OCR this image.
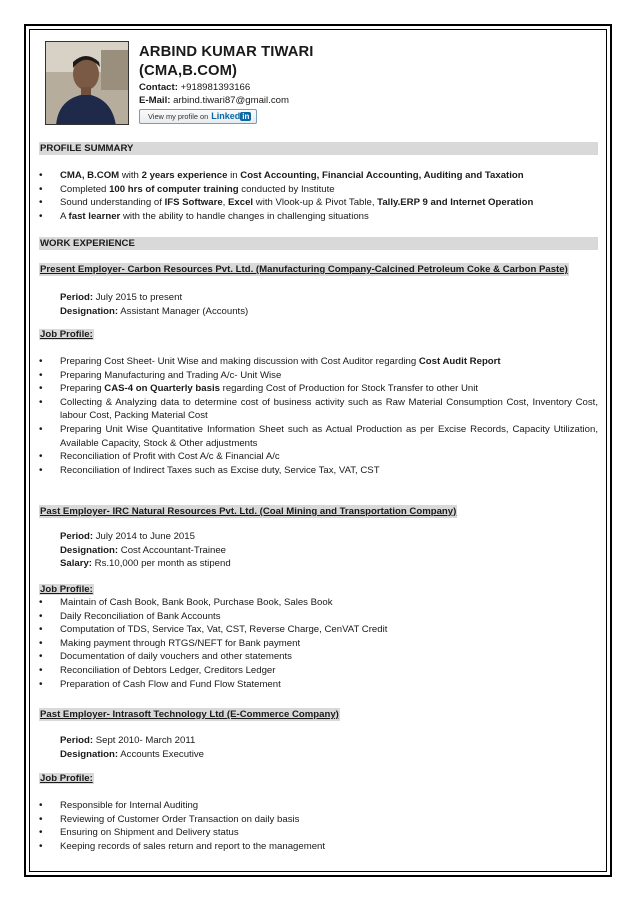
ARBIND KUMAR TIWARI
(CMA,B.COM)
Contact: +918981393166
E-Mail: arbind.tiwari87@gmail.com
View my profile on Linked in
PROFILE SUMMARY
• CMA, B.COM with 2 years experience in Cost Accounting, Financial Accounting, Auditing and Taxation
• Completed 100 hrs of computer training conducted by Institute
• Sound understanding of IFS Software, Excel with Vlook-up & Pivot Table, Tally.ERP 9 and Internet Operation
• A fast learner with the ability to handle changes in challenging situations
WORK EXPERIENCE
Present Employer- Carbon Resources Pvt. Ltd. (Manufacturing Company-Calcined Petroleum Coke & Carbon Paste)
Period: July 2015 to present
Designation: Assistant Manager (Accounts)
Job Profile:
• Preparing Cost Sheet- Unit Wise and making discussion with Cost Auditor regarding Cost Audit Report
• Preparing Manufacturing and Trading A/c- Unit Wise
• Preparing CAS-4 on Quarterly basis regarding Cost of Production for Stock Transfer to other Unit
• Collecting & Analyzing data to determine cost of business activity such as Raw Material Consumption Cost, Inventory Cost, labour Cost, Packing Material Cost
• Preparing Unit Wise Quantitative Information Sheet such as Actual Production as per Excise Records, Capacity Utilization, Available Capacity, Stock & Other adjustments
• Reconciliation of Profit with Cost A/c & Financial A/c
• Reconciliation of Indirect Taxes such as Excise duty, Service Tax, VAT, CST
Past Employer- IRC Natural Resources Pvt. Ltd. (Coal Mining and Transportation Company)
Period: July 2014 to June 2015
Designation: Cost Accountant-Trainee
Salary: Rs.10,000 per month as stipend
Job Profile:
• Maintain of Cash Book, Bank Book, Purchase Book, Sales Book
• Daily Reconciliation of Bank Accounts
• Computation of TDS, Service Tax, Vat, CST, Reverse Charge, CenVAT Credit
• Making payment through RTGS/NEFT for Bank payment
• Documentation of daily vouchers and other statements
• Reconciliation of Debtors Ledger, Creditors Ledger
• Preparation of Cash Flow and Fund Flow Statement
Past Employer- Intrasoft Technology Ltd (E-Commerce Company)
Period: Sept 2010- March 2011
Designation: Accounts Executive
Job Profile:
• Responsible for Internal Auditing
• Reviewing of Customer Order Transaction on daily basis
• Ensuring on Shipment and Delivery status
• Keeping records of sales return and report to the management
